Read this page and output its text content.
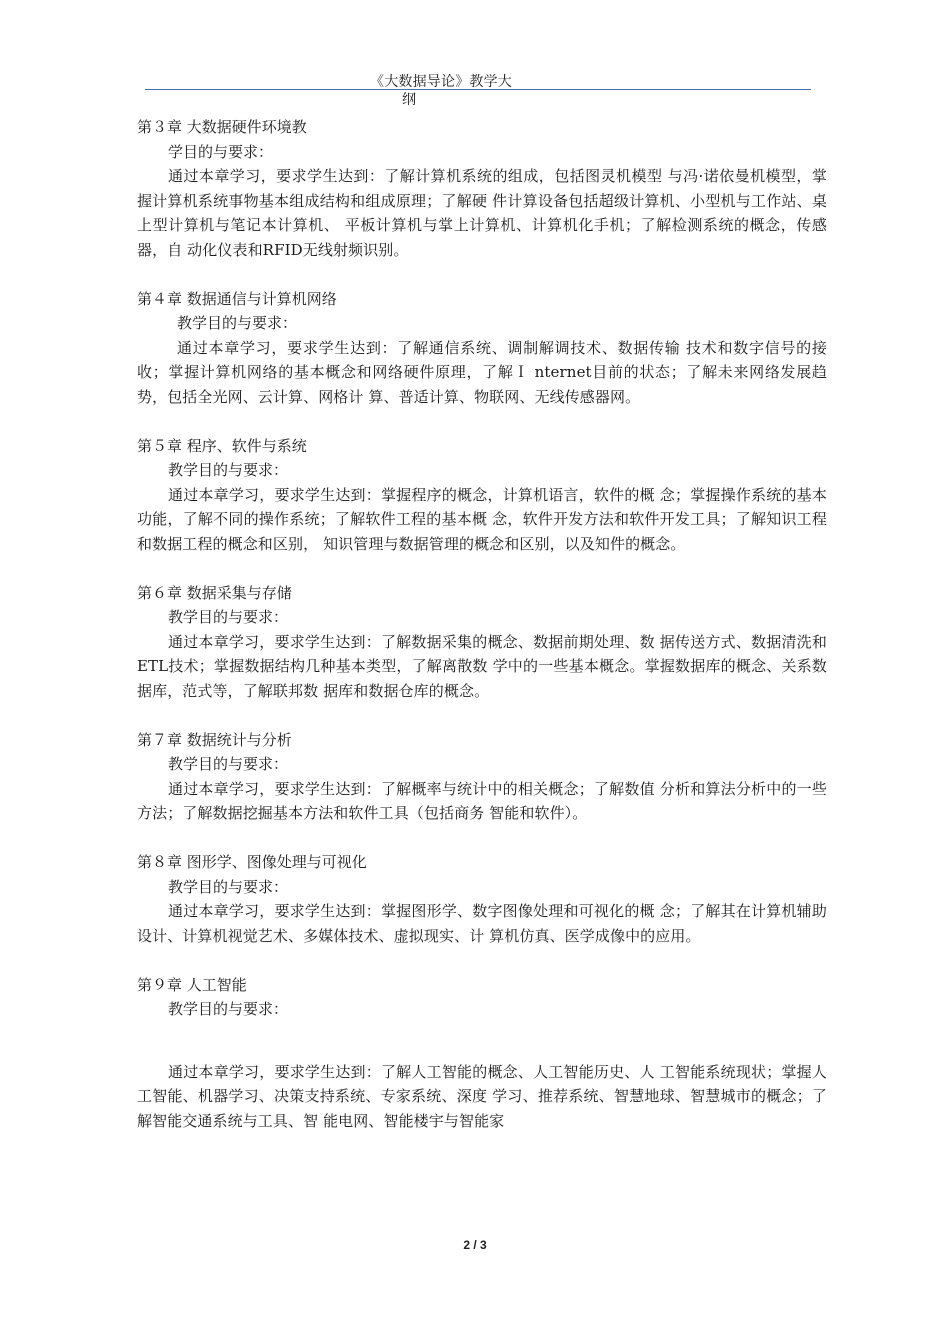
《大数据导论》教学大
纲

第３章 大数据硬件环境教

学目的与要求：

通过本章学习，要求学生达到：了解计算机系统的组成，包括图灵机模型 与冯·诺依曼机模型，掌握计算机系统事物基本组成结构和组成原理；了解硬 件计算设备包括超级计算机、小型机与工作站、桌上型计算机与笔记本计算机、 平板计算机与掌上计算机、计算机化手机；了解检测系统的概念，传感器，自 动化仪表和RFID无线射频识别。

第４章 数据通信与计算机网络

教学目的与要求：

通过本章学习，要求学生达到：了解通信系统、调制解调技术、数据传输 技术和数字信号的接收；掌握计算机网络的基本概念和网络硬件原理，了解Ｉ nternet目前的状态；了解未来网络发展趋势，包括全光网、云计算、网格计 算、普适计算、物联网、无线传感器网。

第５章 程序、软件与系统

教学目的与要求：

通过本章学习，要求学生达到：掌握程序的概念，计算机语言，软件的概 念；掌握操作系统的基本功能，了解不同的操作系统；了解软件工程的基本概 念，软件开发方法和软件开发工具；了解知识工程和数据工程的概念和区别， 知识管理与数据管理的概念和区别，以及知件的概念。

第６章 数据采集与存储

教学目的与要求：

通过本章学习，要求学生达到：了解数据采集的概念、数据前期处理、数 据传送方式、数据清洗和ETL技术；掌握数据结构几种基本类型，了解离散数 学中的一些基本概念。掌握数据库的概念、关系数据库，范式等，了解联邦数 据库和数据仓库的概念。

第７章 数据统计与分析

教学目的与要求：

通过本章学习，要求学生达到：了解概率与统计中的相关概念；了解数值 分析和算法分析中的一些方法；了解数据挖掘基本方法和软件工具（包括商务 智能和软件）。

第８章 图形学、图像处理与可视化

教学目的与要求：

通过本章学习，要求学生达到：掌握图形学、数字图像处理和可视化的概 念；了解其在计算机辅助设计、计算机视觉艺术、多媒体技术、虚拟现实、计 算机仿真、医学成像中的应用。

第９章 人工智能

教学目的与要求：

通过本章学习，要求学生达到：了解人工智能的概念、人工智能历史、人 工智能系统现状；掌握人工智能、机器学习、决策支持系统、专家系统、深度 学习、推荐系统、智慧地球、智慧城市的概念；了解智能交通系统与工具、智 能电网、智能楼宇与智能家

2 / 3
